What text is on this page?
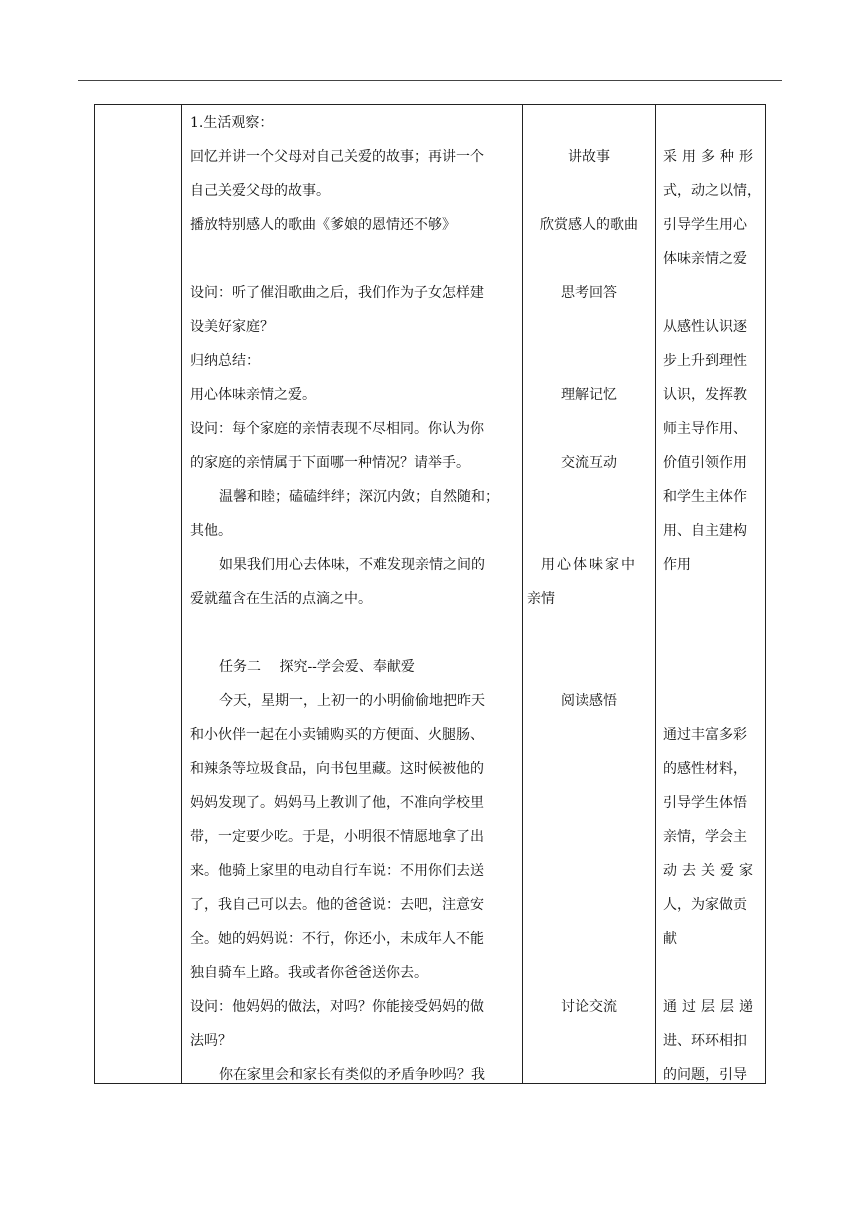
1.生活观察：
回忆并讲一个父母对自己关爱的故事；再讲一个
自己关爱父母的故事。
播放特别感人的歌曲《爹娘的恩情还不够》
设问：听了催泪歌曲之后，我们作为子女怎样建
设美好家庭？
归纳总结：
用心体味亲情之爱。
设问：每个家庭的亲情表现不尽相同。你认为你
的家庭的亲情属于下面哪一种情况？请举手。
温馨和睦；磕磕绊绊；深沉内敛；自然随和；
其他。
如果我们用心去体味，不难发现亲情之间的
爱就蕴含在生活的点滴之中。
任务二　 探究--学会爱、奉献爱
今天，星期一，上初一的小明偷偷地把昨天
和小伙伴一起在小卖铺购买的方便面、火腿肠、
和辣条等垃圾食品，向书包里藏。这时候被他的
妈妈发现了。妈妈马上教训了他，不准向学校里
带，一定要少吃。于是，小明很不情愿地拿了出
来。他骑上家里的电动自行车说：不用你们去送
了，我自己可以去。他的爸爸说：去吧，注意安
全。她的妈妈说：不行，你还小，未成年人不能
独自骑车上路。我或者你爸爸送你去。
设问：他妈妈的做法，对吗？你能接受妈妈的做
法吗？
你在家里会和家长有类似的矛盾争吵吗？我
讲故事
欣赏感人的歌曲
思考回答
理解记忆
交流互动
用心体味家中
亲情
阅读感悟
讨论交流
采用多种形
式，动之以情，
引导学生用心
体味亲情之爱
从感性认识逐
步上升到理性
认识，发挥教
师主导作用、
价值引领作用
和学生主体作
用、自主建构
作用
通过丰富多彩
的感性材料，
引导学生体悟
亲情，学会主
动去关爱家
人，为家做贡
献
通过层层递
进、环环相扣
的问题，引导
